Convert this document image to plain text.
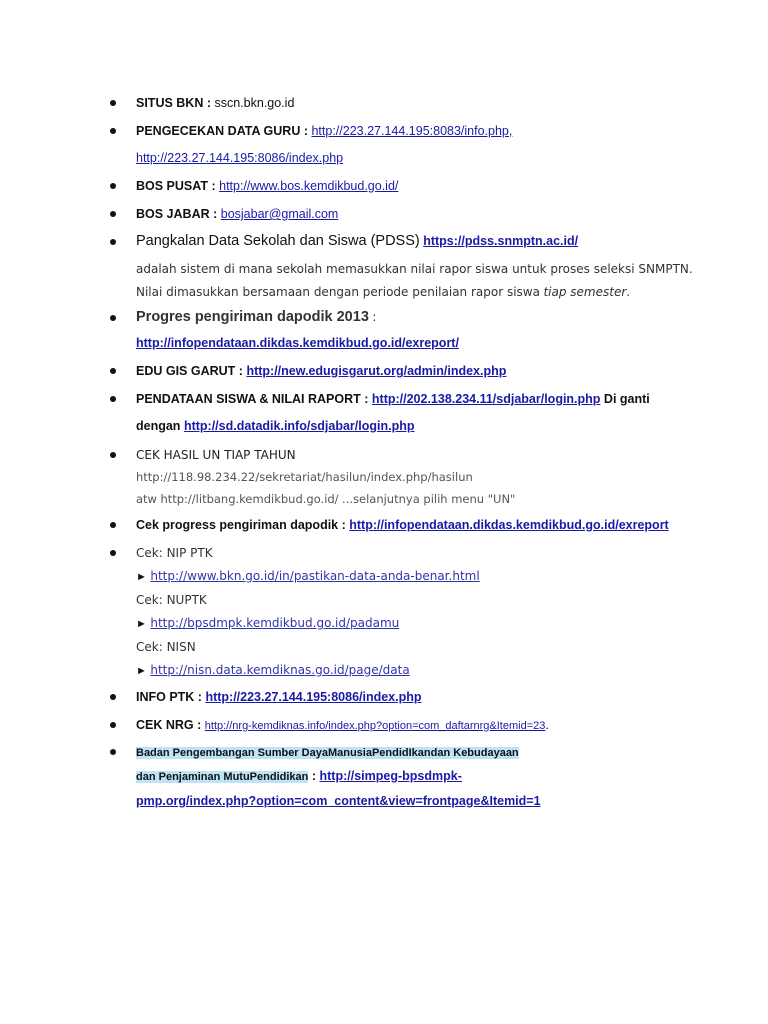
SITUS BKN : sscn.bkn.go.id
PENGECEKAN DATA GURU : http://223.27.144.195:8083/info.php,
http://223.27.144.195:8086/index.php
BOS PUSAT : http://www.bos.kemdikbud.go.id/
BOS JABAR : bosjabar@gmail.com
Pangkalan Data Sekolah dan Siswa (PDSS) https://pdss.snmptn.ac.id/
adalah sistem di mana sekolah memasukkan nilai rapor siswa untuk proses seleksi SNMPTN.
Nilai dimasukkan bersamaan dengan periode penilaian rapor siswa tiap semester.
Progres pengiriman dapodik 2013 :
http://infopendataan.dikdas.kemdikbud.go.id/exreport/
EDU GIS GARUT : http://new.edugisgarut.org/admin/index.php
PENDATAAN SISWA & NILAI RAPORT : http://202.138.234.11/sdjabar/login.php Di ganti
dengan http://sd.datadik.info/sdjabar/login.php
CEK HASIL UN TIAP TAHUN
http://118.98.234.22/sekretariat/hasilun/index.php/hasilun
atw http://litbang.kemdikbud.go.id/ ...selanjutnya pilih menu "UN"
Cek progress pengiriman dapodik : http://infopendataan.dikdas.kemdikbud.go.id/exreport
Cek: NIP PTK
► http://www.bkn.go.id/in/pastikan-data-anda-benar.html
Cek: NUPTK
► http://bpsdmpk.kemdikbud.go.id/padamu
Cek: NISN
► http://nisn.data.kemdiknas.go.id/page/data
INFO PTK : http://223.27.144.195:8086/index.php
CEK NRG : http://nrg-kemdiknas.info/index.php?option=com_daftarnrg&Itemid=23.
Badan Pengembangan Sumber DayaManusiaPendidIkandan Kebudayaan
dan Penjaminan MutuPendidikan : http://simpeg-bpsdmpk-
pmp.org/index.php?option=com_content&view=frontpage&Itemid=1
